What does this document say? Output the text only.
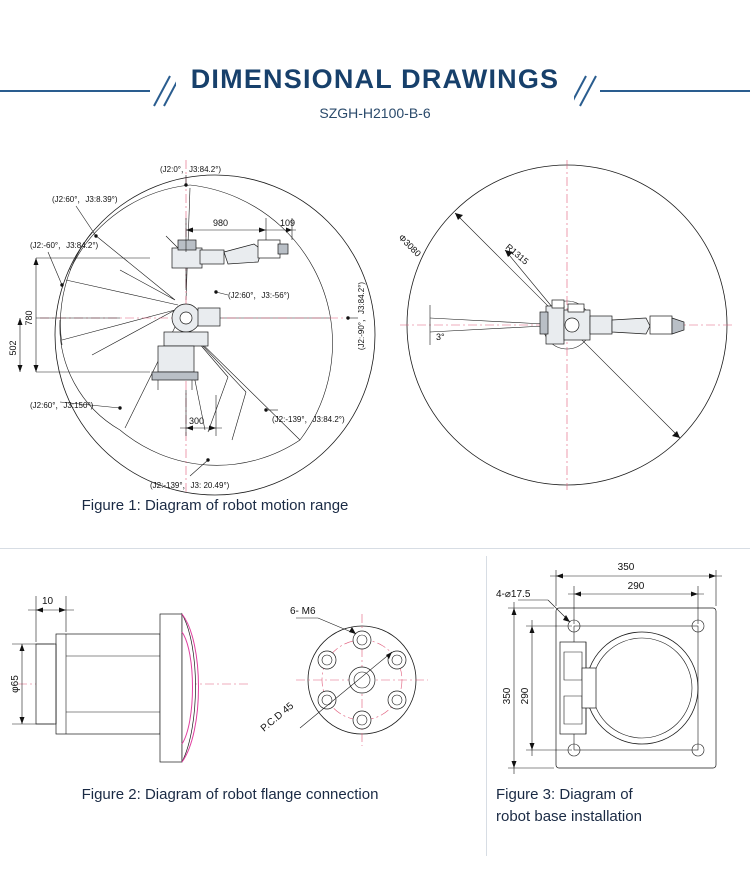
DIMENSIONAL DRAWINGS
SZGH-H2100-B-6
980	109
780
502
300
(J2:0°，J3:84.2°)
(J2:60°，J3:8.39°)
(J2:-60°，J3:84.2°)
(J2:60°，J3:-56°)	(J2:-90°，J3:84.2°)
(J2:60°，J3:150°)
(J2:-139°，J3:84.2°)
(J2:-139°，J3: 20.49°)
Φ3080	R1315
3°
Figure 1: Diagram of robot motion range
10
φ65
6- M6
P.C.D 45
Figure 2: Diagram of robot flange connection
350
290
350 290
4-⌀17.5
Figure 3: Diagram of
robot base installation
